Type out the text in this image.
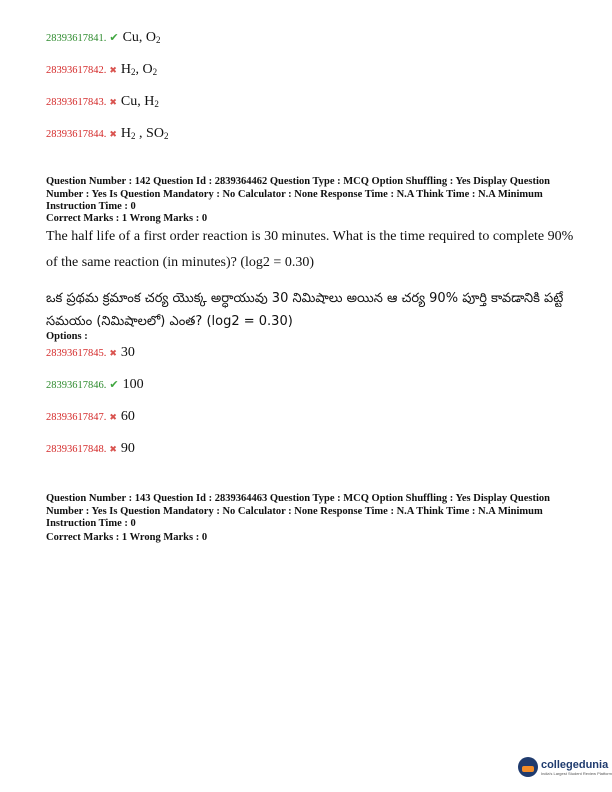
28393617841. ✔ Cu, $O_2$
28393617842. ✖ $H_2$, $O_2$
28393617843. ✖ Cu, $H_2$
28393617844. ✖ $H_2$ , $SO_2$
Question Number : 142 Question Id : 2839364462 Question Type : MCQ Option Shuffling : Yes Display Question Number : Yes Is Question Mandatory : No Calculator : None Response Time : N.A Think Time : N.A Minimum Instruction Time : 0
Correct Marks : 1 Wrong Marks : 0
The half life of a first order reaction is 30 minutes. What is the time required to complete 90% of the same reaction (in minutes)? (log2 = 0.30)
ఒక ప్రథమ క్రమాంక చర్య యొక్క అర్ధాయువు 30 నిమిషాలు అయిన ఆ చర్య 90% పూర్తి కావడానికి పట్టే సమయం (నిమిషాలలో) ఎంత? (log2 = 0.30)
Options :
28393617845. ✖ 30
28393617846. ✔ 100
28393617847. ✖ 60
28393617848. ✖ 90
Question Number : 143 Question Id : 2839364463 Question Type : MCQ Option Shuffling : Yes Display Question Number : Yes Is Question Mandatory : No Calculator : None Response Time : N.A Think Time : N.A Minimum Instruction Time : 0
Correct Marks : 1 Wrong Marks : 0
collegedunia
India's Largest Student Review Platform
